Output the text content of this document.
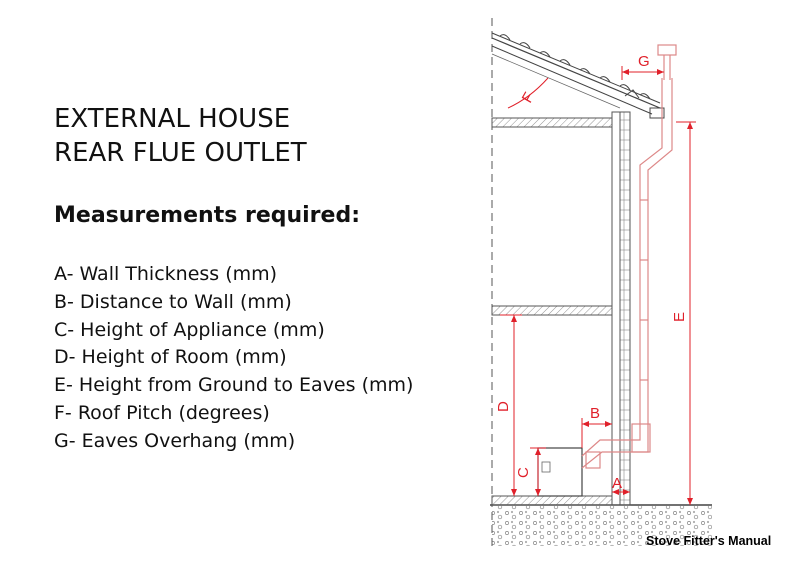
EXTERNAL HOUSE
REAR FLUE OUTLET
Measurements required:
A- Wall Thickness (mm)
B- Distance to Wall (mm)
C- Height of Appliance (mm)
D- Height of Room (mm)
E- Height from Ground to Eaves (mm)
F- Roof Pitch (degrees)
G- Eaves Overhang (mm)
A
B
C
D
E
F
G
Stove Fitter's Manual
